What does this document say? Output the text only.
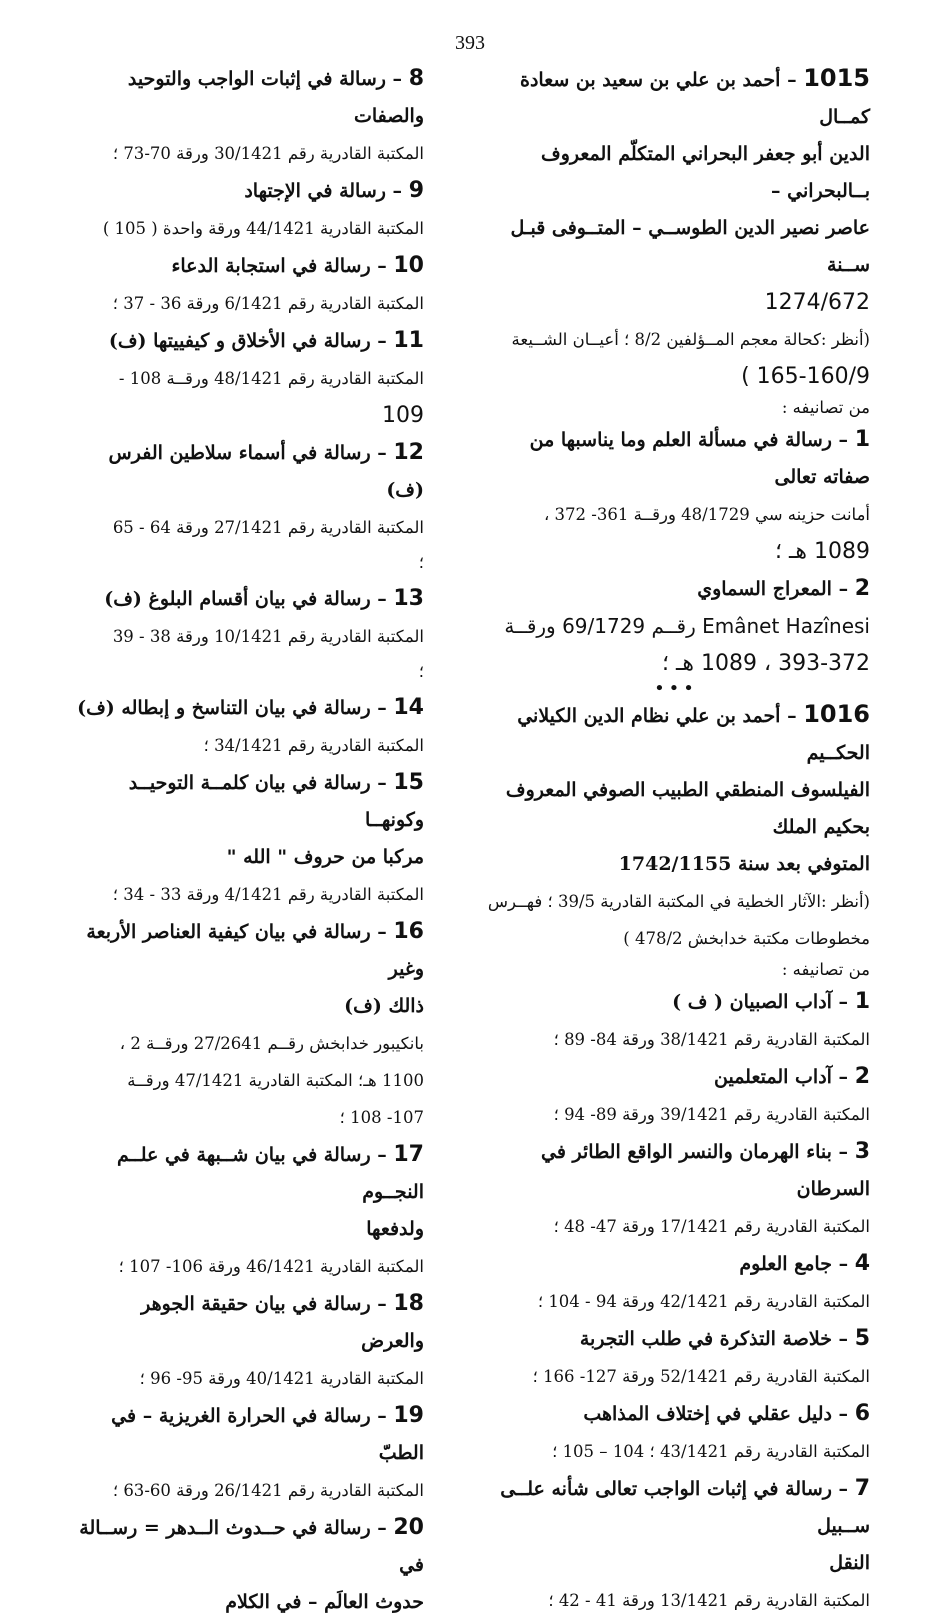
393

1015 – أحمد بن علي بن سعيد بن سعادة كمــال

الدين أبو جعفر البحراني المتكلّم المعروف بــالبحراني –

عاصر نصير الدين الطوســي – المتــوفى قبـل ســنة

1274/672

(أنظر :كحالة معجم المــؤلفين 8/2 ؛ أعيــان الشــيعة

165-160/9 )

من تصانيفه :

1 – رسالة في مسألة العلم وما يناسبها من صفاته تعالى

أمانت حزينه سي 48/1729 ورقــة 361- 372 ،

1089 هـ ؛

2 – المعراج السماوي

Emânet Hazînesi رقــم 69/1729 ورقــة

393-372 ، 1089 هـ ؛

•••

1016 – أحمد بن علي نظام الدين الكيلاني الحكــيم

الفيلسوف المنطقي الطبيب الصوفي المعروف بحكيم الملك

المتوفي بعد سنة 1742/1155

(أنظر :الآثار الخطية في المكتبة القادرية 39/5 ؛ فهــرس

مخطوطات مكتبة خدابخش 478/2 )

من تصانيفه :

1 – آداب الصبيان ( ف )

المكتبة القادرية رقم 38/1421 ورقة 84- 89 ؛

2 – آداب المتعلمين

المكتبة القادرية رقم 39/1421 ورقة 89- 94 ؛

3 – بناء الهرمان والنسر الواقع الطائر في السرطان

المكتبة القادرية رقم 17/1421 ورقة 47- 48 ؛

4 – جامع العلوم

المكتبة القادرية رقم 42/1421 ورقة 94 - 104 ؛

5 – خلاصة التذكرة في طلب التجربة

المكتبة القادرية رقم 52/1421 ورقة 127- 166 ؛

6 – دليل عقلي في إختلاف المذاهب

المكتبة القادرية رقم 43/1421 ؛ 104 – 105 ؛

7 – رسالة في إثبات الواجب تعالى شأنه علــى ســبيل

النقل

المكتبة القادرية رقم 13/1421 ورقة 41 - 42 ؛

8 – رسالة في إثبات الواجب والتوحيد والصفات

المكتبة القادرية رقم 30/1421 ورقة 70-73 ؛

9 – رسالة في الإجتهاد

المكتبة القادرية 44/1421 ورقة واحدة ( 105 )

10 – رسالة في استجابة الدعاء

المكتبة القادرية رقم 6/1421 ورقة 36 - 37 ؛

11 – رسالة في الأخلاق و كيفييتها (ف)

المكتبة القادرية رقم 48/1421 ورقــة 108 -

109

12 – رسالة في أسماء سلاطين الفرس (ف)

المكتبة القادرية رقم 27/1421 ورقة 64 - 65

؛

13 – رسالة في بيان أقسام البلوغ (ف)

المكتبة القادرية رقم 10/1421 ورقة 38 - 39

؛

14 – رسالة في بيان التناسخ و إبطاله (ف)

المكتبة القادرية رقم 34/1421 ؛

15 – رسالة في بيان كلمــة التوحيــد وكونهــا

مركبا من حروف " الله "

المكتبة القادرية رقم 4/1421 ورقة 33 - 34 ؛

16 – رسالة في بيان كيفية العناصر الأربعة وغير

ذالك (ف)

بانكيبور خدابخش رقــم 27/2641 ورقــة 2 ،

1100 هـ؛ المكتبة القادرية 47/1421 ورقــة

107- 108 ؛

17 – رسالة في بيان شــبهة في علــم النجــوم

ولدفعها

المكتبة القادرية 46/1421 ورقة 106- 107 ؛

18 – رسالة في بيان حقيقة الجوهر والعرض

المكتبة القادرية 40/1421 ورقة 95- 96 ؛

19 – رسالة في الحرارة الغريزية – في الطبّ

المكتبة القادرية رقم 26/1421 ورقة 60-63 ؛

20 – رسالة في حــدوث الــدهر = رســالة في

حدوث العالَم – في الكلام
